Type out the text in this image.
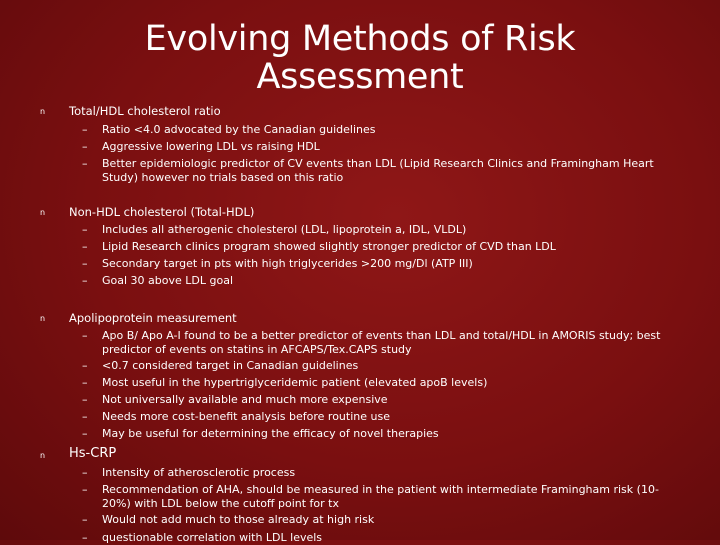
Evolving Methods of Risk Assessment
n Total/HDL cholesterol ratio
– Ratio <4.0 advocated by the Canadian guidelines
– Aggressive lowering LDL vs raising HDL
– Better epidemiologic predictor of CV events than LDL (Lipid Research Clinics and Framingham Heart Study) however no trials based on this ratio
n Non-HDL cholesterol (Total-HDL)
– Includes all atherogenic cholesterol (LDL, lipoprotein a, IDL, VLDL)
– Lipid Research clinics program showed slightly stronger predictor of CVD than LDL
– Secondary target in pts with high triglycerides >200 mg/Dl (ATP III)
– Goal 30 above LDL goal
n Apolipoprotein measurement
– Apo B/ Apo A-I found to be a better predictor of events than LDL and total/HDL in AMORIS study; best predictor of events on statins in AFCAPS/Tex.CAPS study
– <0.7 considered target in Canadian guidelines
– Most useful in the hypertriglyceridemic patient (elevated apoB levels)
– Not universally available and much more expensive
– Needs more cost-benefit analysis before routine use
– May be useful for determining the efficacy of novel therapies
n Hs-CRP
– Intensity of atherosclerotic process
– Recommendation of AHA, should be measured in the patient with intermediate Framingham risk (10-20%) with LDL below the cutoff point for tx
– Would not add much to those already at high risk
– questionable correlation with LDL levels
